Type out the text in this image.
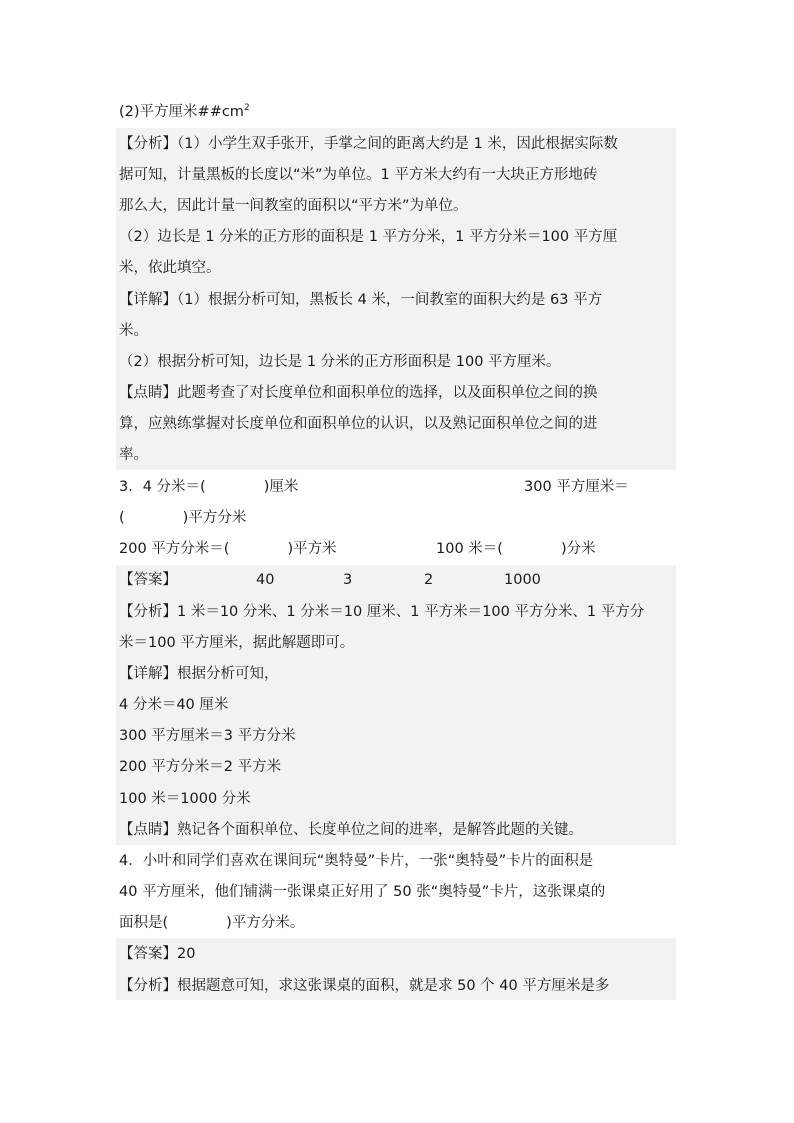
(2)平方厘米$\#\#cm^2$
【分析】（1）小学生双手张开，手掌之间的距离大约是 1 米，因此根据实际数
据可知，计量黑板的长度以“米”为单位。1 平方米大约有一大块正方形地砖
那么大，因此计量一间教室的面积以“平方米”为单位。
（2）边长是 1 分米的正方形的面积是 1 平方分米，1 平方分米＝100 平方厘
米，依此填空。
【详解】（1）根据分析可知，黑板长 4 米，一间教室的面积大约是 63 平方
米。
（2）根据分析可知，边长是 1 分米的正方形面积是 100 平方厘米。
【点睛】此题考查了对长度单位和面积单位的选择，以及面积单位之间的换
算，应熟练掌握对长度单位和面积单位的认识，以及熟记面积单位之间的进
率。
3．4 分米＝(　　　　)厘米	300 平方厘米＝
(　　　　)平方分米
200 平方分米＝(　　　　)平方米	100 米＝(　　　　)分米
【答案】	40	3	2	1000
【分析】1 米＝10 分米、1 分米＝10 厘米、1 平方米＝100 平方分米、1 平方分
米＝100 平方厘米，据此解题即可。
【详解】根据分析可知，
4 分米＝40 厘米
300 平方厘米＝3 平方分米
200 平方分米＝2 平方米
100 米＝1000 分米
【点睛】熟记各个面积单位、长度单位之间的进率，是解答此题的关键。
4．小叶和同学们喜欢在课间玩“奥特曼”卡片，一张“奥特曼”卡片的面积是
40 平方厘米，他们铺满一张课桌正好用了 50 张“奥特曼”卡片，这张课桌的
面积是(　　　　)平方分米。
【答案】20
【分析】根据题意可知，求这张课桌的面积，就是求 50 个 40 平方厘米是多
